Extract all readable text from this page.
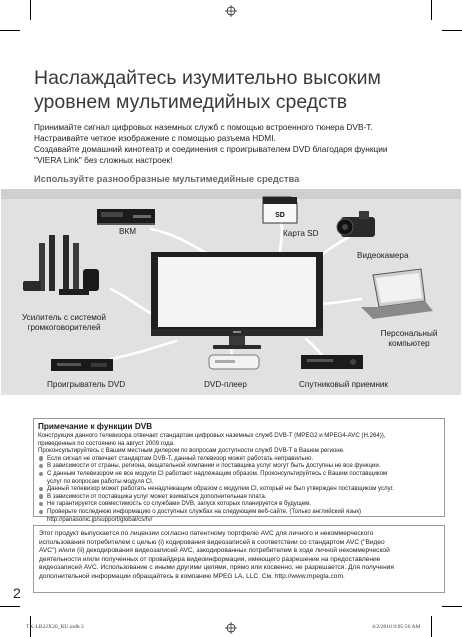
Наслаждайтесь изумительно высоким
уровнем мультимедийных средств
Принимайте сигнал цифровых наземных служб с помощью встроенного тюнера DVB-T.
Настраивайте четкое изображение с помощью разъема HDMI.
Создавайте домашний кинотеатр и соединения с проигрывателем DVD благодаря функции
"VIERA Link" без сложных настроек!
Используйте разнообразные мультимедийные средства
SD
ВКМ	Карта SD
Видеокамера
Усилитель с системой
громкоговорителей
Персональный
компьютер
Проигрыватель DVD	DVD-плеер	Спутниковый приемник
Примечание к функции DVB
Конструкция данного телевизора отвечает стандартам цифровых наземных служб DVB-T (MPEG2 и MPEG4-AVC (H.264)),
приведенных по состоянию на август 2009 года.
Проконсультируйтесь с Вашим местным дилером по вопросам доступности служб DVB-T в Вашем регионе.
Если сигнал не отвечает стандартам DVB-T, данный телевизор может работать неправильно.
В зависимости от страны, региона, вещательной компании и поставщика услуг могут быть доступны не все функции.
С данным телевизором не все модули CI работают надлежащим образом. Проконсультируйтесь с Вашим поставщиком
услуг по вопросам работы модуля CI.
Данный телевизор может работать ненадлежащим образом с модулем CI, который не был утвержден поставщиком услуг.
В зависимости от поставщика услуг может взиматься дополнительная плата.
Не гарантируется совместимость со службами DVB, запуск которых планируется в будущем.
Проверьте последнюю информацию о доступных службах на следующем веб-сайте. (Только английский язык)
http://panasonic.jp/support/global/cs/tv/
Этот продукт выпускается по лицензии согласно патентному портфелю AVC для личного и некоммерческого
использования потребителем с целью (i) кодирования видеозаписей в соответствии со стандартом AVC ("Видео
AVC") и/или (ii) декодирования видеозаписей AVC, закодированных потребителем в ходе личной некоммерческой
деятельности и/или полученных от провайдера видеоинформации, имеющего разрешение на предоставление
видеозаписей AVC. Использование с иными другими целями, прямо или косвенно, не разрешается. Для получения
дополнительной информации обращайтесь в компанию MPEG LA, LLC. См. http://www.mpegla.com.
2
TX-LR22X20_RU.indb 2	4/2/2010 9:05:56 AM
